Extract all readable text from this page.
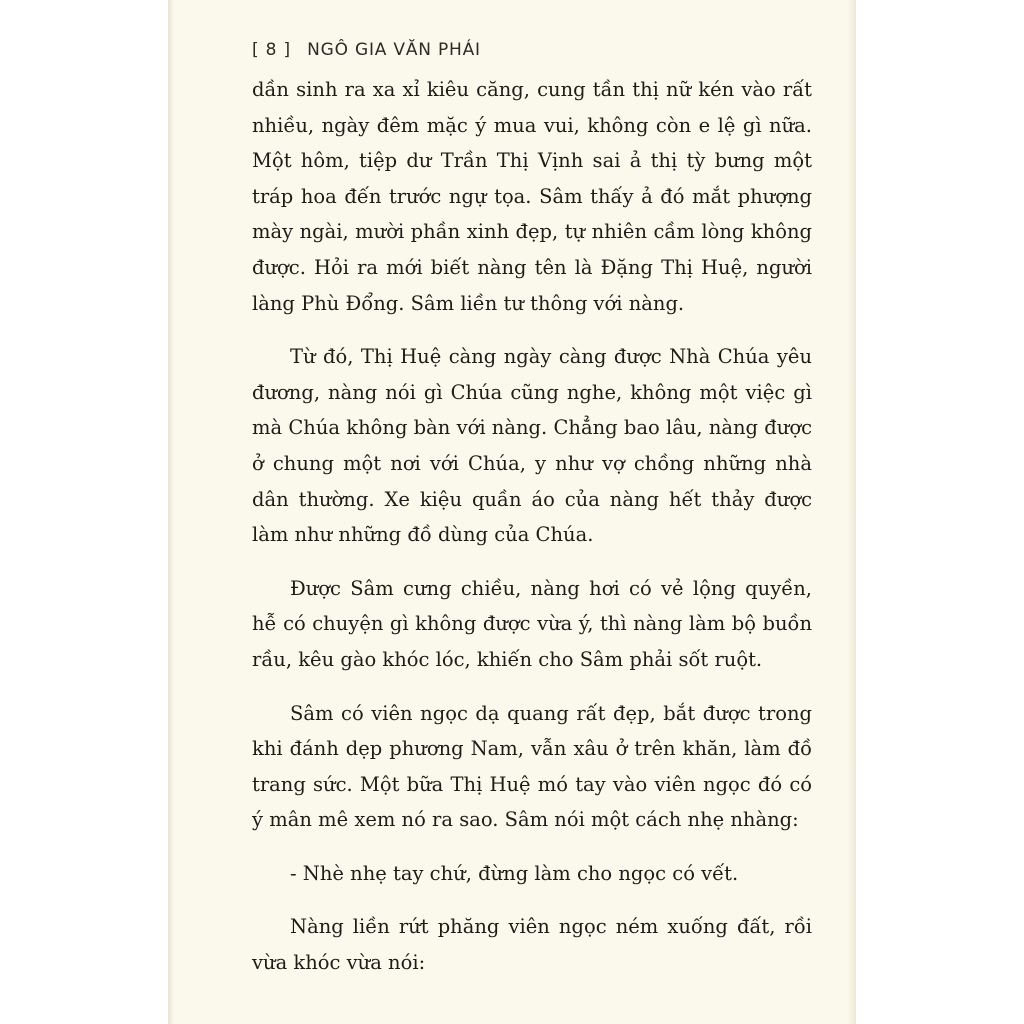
[ 8 ] NGÔ GIA VĂN PHÁI
dần sinh ra xa xỉ kiêu căng, cung tần thị nữ kén vào rất
nhiều, ngày đêm mặc ý mua vui, không còn e lệ gì nữa.
Một hôm, tiệp dư Trần Thị Vịnh sai ả thị tỳ bưng một
tráp hoa đến trước ngự tọa. Sâm thấy ả đó mắt phượng
mày ngài, mười phần xinh đẹp, tự nhiên cầm lòng không
được. Hỏi ra mới biết nàng tên là Đặng Thị Huệ, người
làng Phù Đổng. Sâm liền tư thông với nàng.
Từ đó, Thị Huệ càng ngày càng được Nhà Chúa yêu
đương, nàng nói gì Chúa cũng nghe, không một việc gì
mà Chúa không bàn với nàng. Chẳng bao lâu, nàng được
ở chung một nơi với Chúa, y như vợ chồng những nhà
dân thường. Xe kiệu quần áo của nàng hết thảy được
làm như những đồ dùng của Chúa.
Được Sâm cưng chiều, nàng hơi có vẻ lộng quyền,
hễ có chuyện gì không được vừa ý, thì nàng làm bộ buồn
rầu, kêu gào khóc lóc, khiến cho Sâm phải sốt ruột.
Sâm có viên ngọc dạ quang rất đẹp, bắt được trong
khi đánh dẹp phương Nam, vẫn xâu ở trên khăn, làm đồ
trang sức. Một bữa Thị Huệ mó tay vào viên ngọc đó có
ý mân mê xem nó ra sao. Sâm nói một cách nhẹ nhàng:
- Nhè nhẹ tay chứ, đừng làm cho ngọc có vết.
Nàng liền rứt phăng viên ngọc ném xuống đất, rồi
vừa khóc vừa nói:
